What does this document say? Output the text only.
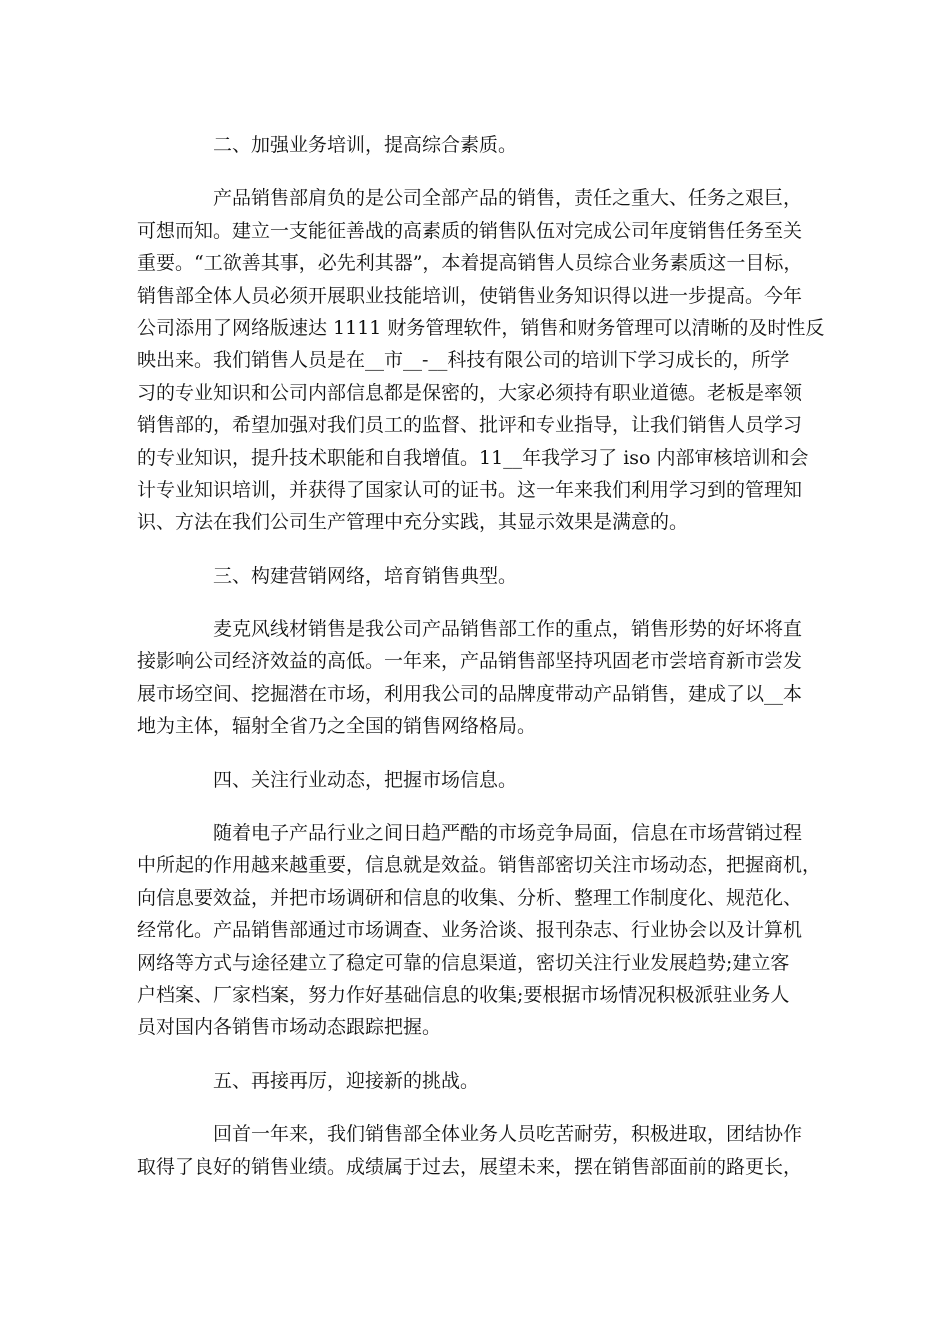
二、加强业务培训，提高综合素质。
产品销售部肩负的是公司全部产品的销售，责任之重大、任务之艰巨，
可想而知。建立一支能征善战的高素质的销售队伍对完成公司年度销售任务至关
重要。“工欲善其事，必先利其器”，本着提高销售人员综合业务素质这一目标，
销售部全体人员必须开展职业技能培训，使销售业务知识得以进一步提高。今年
公司添用了网络版速达 1111 财务管理软件，销售和财务管理可以清晰的及时性反
映出来。我们销售人员是在__市__-__科技有限公司的培训下学习成长的，所学
习的专业知识和公司内部信息都是保密的，大家必须持有职业道德。老板是率领
销售部的，希望加强对我们员工的监督、批评和专业指导，让我们销售人员学习
的专业知识，提升技术职能和自我增值。11__年我学习了 iso 内部审核培训和会
计专业知识培训，并获得了国家认可的证书。这一年来我们利用学习到的管理知
识、方法在我们公司生产管理中充分实践，其显示效果是满意的。
三、构建营销网络，培育销售典型。
麦克风线材销售是我公司产品销售部工作的重点，销售形势的好坏将直
接影响公司经济效益的高低。一年来，产品销售部坚持巩固老市尝培育新市尝发
展市场空间、挖掘潜在市场，利用我公司的品牌度带动产品销售，建成了以__本
地为主体，辐射全省乃之全国的销售网络格局。
四、关注行业动态，把握市场信息。
随着电子产品行业之间日趋严酷的市场竞争局面，信息在市场营销过程
中所起的作用越来越重要，信息就是效益。销售部密切关注市场动态，把握商机，
向信息要效益，并把市场调研和信息的收集、分析、整理工作制度化、规范化、
经常化。产品销售部通过市场调查、业务洽谈、报刊杂志、行业协会以及计算机
网络等方式与途径建立了稳定可靠的信息渠道，密切关注行业发展趋势;建立客
户档案、厂家档案，努力作好基础信息的收集;要根据市场情况积极派驻业务人
员对国内各销售市场动态跟踪把握。
五、再接再厉，迎接新的挑战。
回首一年来，我们销售部全体业务人员吃苦耐劳，积极进取，团结协作
取得了良好的销售业绩。成绩属于过去，展望未来，摆在销售部面前的路更长，
